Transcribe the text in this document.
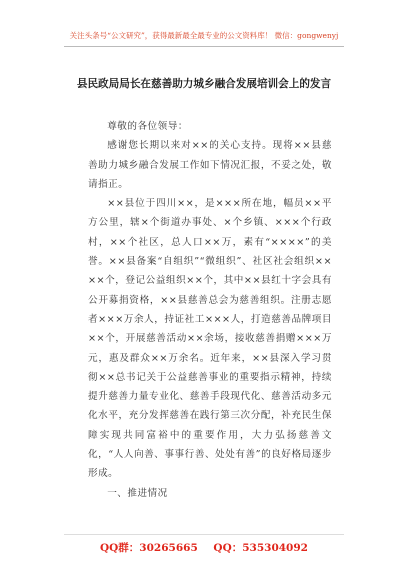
关注头条号“公文研究”，获得最新最全最专业的公文资料库！ 微信：gongwenyj
县民政局局长在慈善助力城乡融合发展培训会上的发言

尊敬的各位领导：

感谢您长期以来对××的关心支持。现将××县慈善助力城乡融合发展工作如下情况汇报，不妥之处，敬请指正。

××县位于四川××，是×××所在地，幅员××平方公里，辖×个街道办事处、×个乡镇、×××个行政村，××个社区，总人口××万，素有“××××”的美誉。××县备案“自组织”“微组织”、社区社会组织××××个，登记公益组织××个，其中××县红十字会具有公开募捐资格，××县慈善总会为慈善组织。注册志愿者×××万余人，持证社工×××人，打造慈善品牌项目××个，开展慈善活动××余场，接收慈善捐赠×××万元，惠及群众××万余名。近年来，××县深入学习贯彻××总书记关于公益慈善事业的重要指示精神，持续提升慈善力量专业化、慈善手段现代化、慈善活动多元化水平，充分发挥慈善在践行第三次分配，补充民生保障实现共同富裕中的重要作用，大力弘扬慈善文化，“人人向善、事事行善、处处有善”的良好格局逐步形成。

一、推进情况

QQ群：30265665 QQ：535304092
